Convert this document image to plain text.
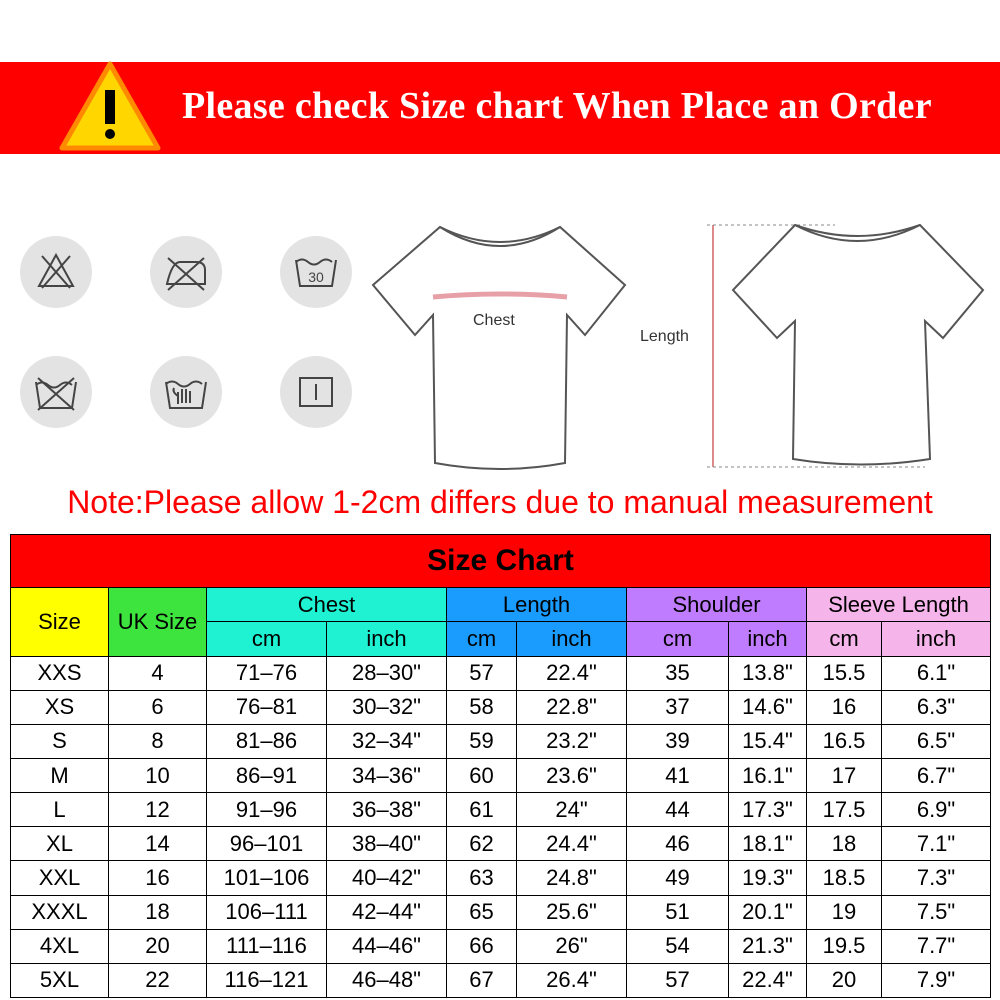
Please check Size chart When Place an Order
30
Chest
Length
Note:Please allow 1-2cm differs due to manual measurement
Size Chart									
Size	UK Size	Chest		Length		Shoulder		Sleeve Length	
		cm	inch	cm	inch	cm	inch	cm	inch
XXS	4	71–76	28–30"	57	22.4"	35	13.8"	15.5	6.1"
XS	6	76–81	30–32"	58	22.8"	37	14.6"	16	6.3"
S	8	81–86	32–34"	59	23.2"	39	15.4"	16.5	6.5"
M	10	86–91	34–36"	60	23.6"	41	16.1"	17	6.7"
L	12	91–96	36–38"	61	24"	44	17.3"	17.5	6.9"
XL	14	96–101	38–40"	62	24.4"	46	18.1"	18	7.1"
XXL	16	101–106	40–42"	63	24.8"	49	19.3"	18.5	7.3"
XXXL	18	106–111	42–44"	65	25.6"	51	20.1"	19	7.5"
4XL	20	111–116	44–46"	66	26"	54	21.3"	19.5	7.7"
5XL	22	116–121	46–48"	67	26.4"	57	22.4"	20	7.9"
